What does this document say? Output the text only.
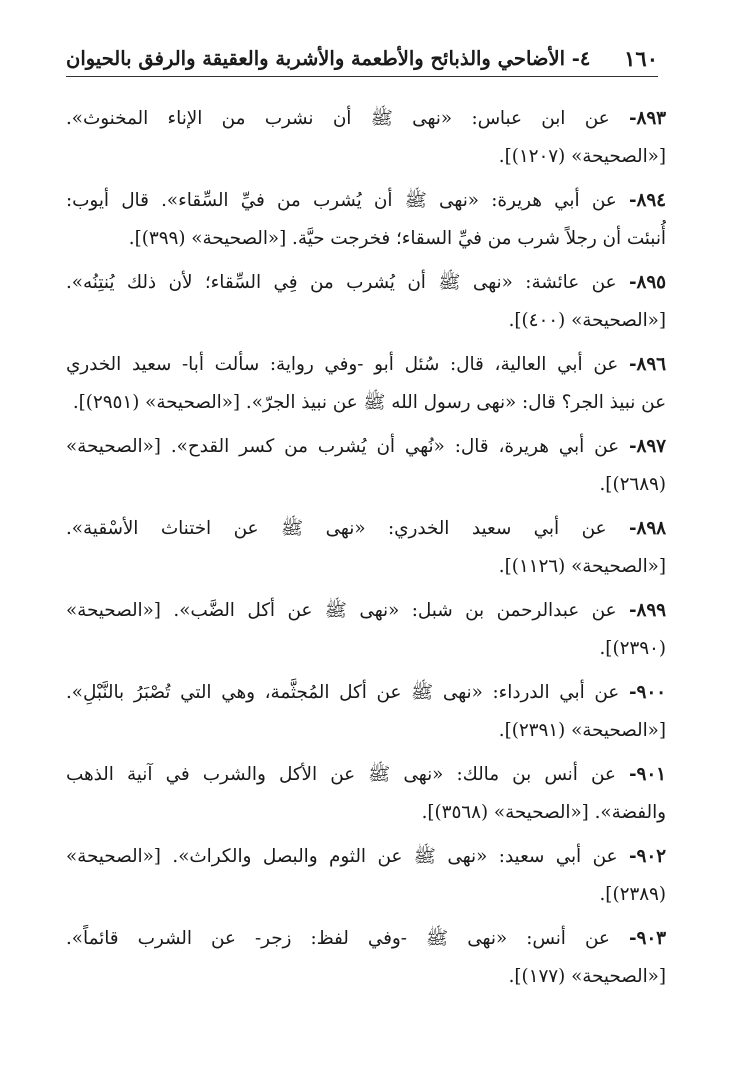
١٦٠
٤- الأضاحي والذبائح والأطعمة والأشربة والعقيقة والرفق بالحيوان
٨٩٣- عن ابن عباس: «نهى ﷺ أن نشرب من الإناء المخنوث».
[«الصحيحة» (١٢٠٧)].
٨٩٤- عن أبي هريرة: «نهى ﷺ أن يُشرب من فيِّ السِّقاء». قال أيوب:
أُنبئت أن رجلاً شرب من فيِّ السقاء؛ فخرجت حيَّة. [«الصحيحة» (٣٩٩)].
٨٩٥- عن عائشة: «نهى ﷺ أن يُشرب من فِي السِّقاء؛ لأن ذلك يُنتِنُه».
[«الصحيحة» (٤٠٠)].
٨٩٦- عن أبي العالية، قال: سُئل أبو -وفي رواية: سألت أبا- سعيد الخدري
عن نبيذ الجر؟ قال: «نهى رسول الله ﷺ عن نبيذ الجرّ». [«الصحيحة» (٢٩٥١)].
٨٩٧- عن أبي هريرة، قال: «نُهي أن يُشرب من كسر القدح». [«الصحيحة»
(٢٦٨٩)].
٨٩٨- عن أبي سعيد الخدري: «نهى ﷺ عن اختناث الأسْقية».
[«الصحيحة» (١١٢٦)].
٨٩٩- عن عبدالرحمن بن شبل: «نهى ﷺ عن أكل الضَّب». [«الصحيحة»
(٢٣٩٠)].
٩٠٠- عن أبي الدرداء: «نهى ﷺ عن أكل المُجثَّمة، وهي التي تُصْبَرُ بالنَّبْلِ».
[«الصحيحة» (٢٣٩١)].
٩٠١- عن أنس بن مالك: «نهى ﷺ عن الأكل والشرب في آنية الذهب
والفضة». [«الصحيحة» (٣٥٦٨)].
٩٠٢- عن أبي سعيد: «نهى ﷺ عن الثوم والبصل والكراث». [«الصحيحة»
(٢٣٨٩)].
٩٠٣- عن أنس: «نهى ﷺ -وفي لفظ: زجر- عن الشرب قائماً».
[«الصحيحة» (١٧٧)].
